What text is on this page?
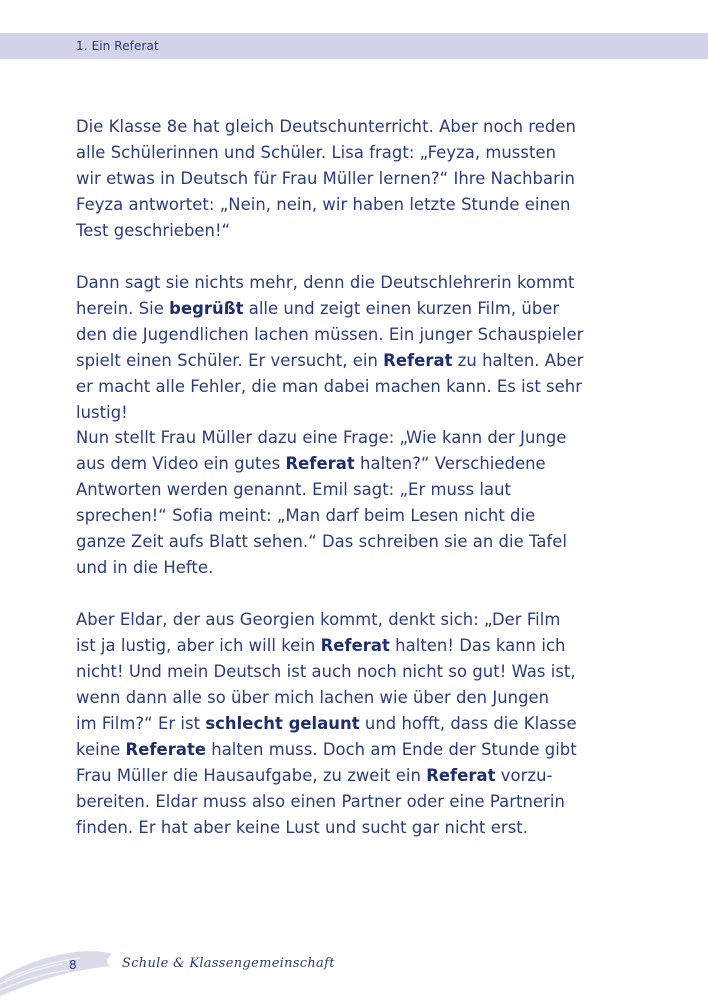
1. Ein Referat
Die Klasse 8e hat gleich Deutschunterricht. Aber noch reden
alle Schülerinnen und Schüler. Lisa fragt: „Feyza, mussten
wir etwas in Deutsch für Frau Müller lernen?“ Ihre Nachbarin
Feyza antwortet: „Nein, nein, wir haben letzte Stunde einen
Test geschrieben!“
Dann sagt sie nichts mehr, denn die Deutschlehrerin kommt
herein. Sie begrüßt alle und zeigt einen kurzen Film, über
den die Jugendlichen lachen müssen. Ein junger Schauspieler
spielt einen Schüler. Er versucht, ein Referat zu halten. Aber
er macht alle Fehler, die man dabei machen kann. Es ist sehr
lustig!
Nun stellt Frau Müller dazu eine Frage: „Wie kann der Junge
aus dem Video ein gutes Referat halten?“ Verschiedene
Antworten werden genannt. Emil sagt: „Er muss laut
sprechen!“ Sofia meint: „Man darf beim Lesen nicht die
ganze Zeit aufs Blatt sehen.“ Das schreiben sie an die Tafel
und in die Hefte.
Aber Eldar, der aus Georgien kommt, denkt sich: „Der Film
ist ja lustig, aber ich will kein Referat halten! Das kann ich
nicht! Und mein Deutsch ist auch noch nicht so gut! Was ist,
wenn dann alle so über mich lachen wie über den Jungen
im Film?“ Er ist schlecht gelaunt und hofft, dass die Klasse
keine Referate halten muss. Doch am Ende der Stunde gibt
Frau Müller die Hausaufgabe, zu zweit ein Referat vorzu-
bereiten. Eldar muss also einen Partner oder eine Partnerin
finden. Er hat aber keine Lust und sucht gar nicht erst.
8	Schule & Klassengemeinschaft
